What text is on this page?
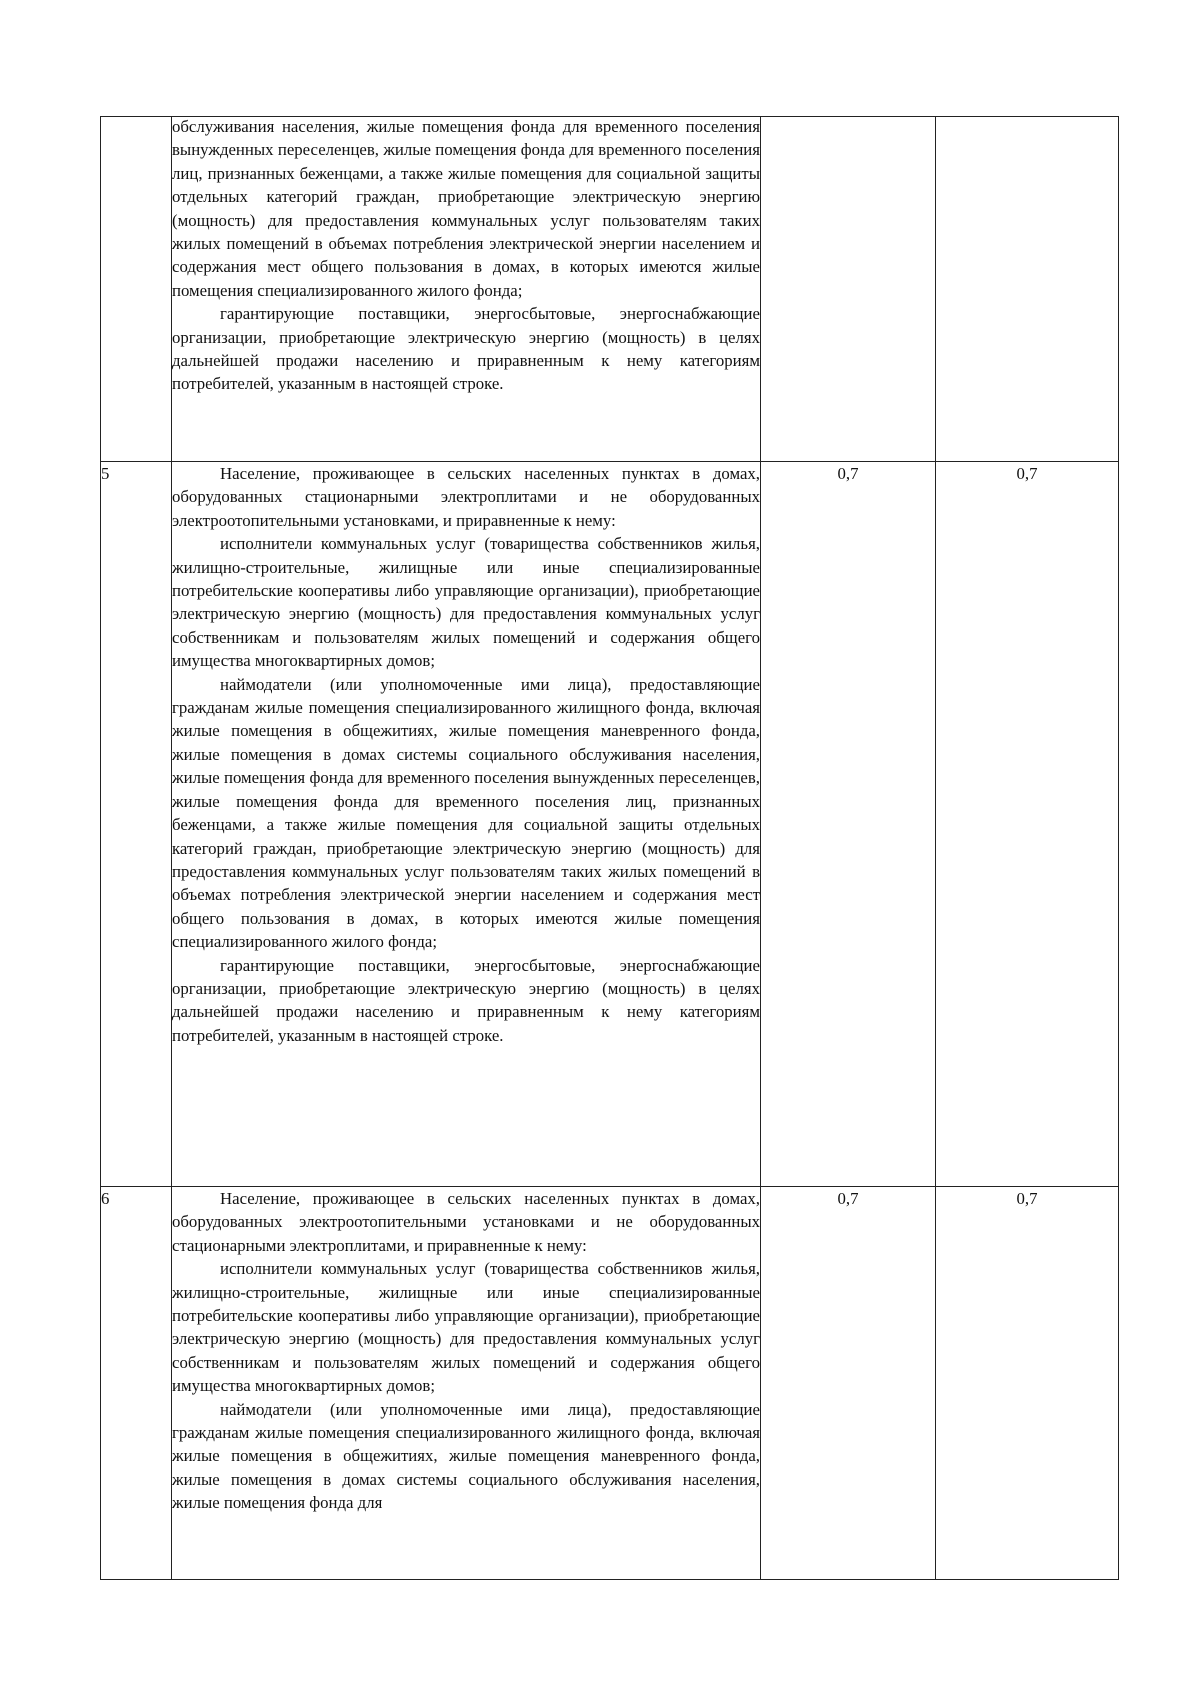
	обслуживания населения, жилые помещения фонда для временного поселения вынужденных переселенцев, жилые помещения фонда для временного поселения лиц, признанных беженцами, а также жилые помещения для социальной защиты отдельных категорий граждан, приобретающие электрическую энергию (мощность) для предоставления коммунальных услуг пользователям таких жилых помещений в объемах потребления электрической энергии населением и содержания мест общего пользования в домах, в которых имеются жилые помещения специализированного жилого фонда;

гарантирующие поставщики, энергосбытовые, энергоснабжающие организации, приобретающие электрическую энергию (мощность) в целях дальнейшей продажи населению и приравненным к нему категориям потребителей, указанным в настоящей строке.		

5	Население, проживающее в сельских населенных пунктах в домах, оборудованных стационарными электроплитами и не оборудованных электроотопительными установками, и приравненные к нему:

исполнители коммунальных услуг (товарищества собственников жилья, жилищно-строительные, жилищные или иные специализированные потребительские кооперативы либо управляющие организации), приобретающие электрическую энергию (мощность) для предоставления коммунальных услуг собственникам и пользователям жилых помещений и содержания общего имущества многоквартирных домов;

наймодатели (или уполномоченные ими лица), предоставляющие гражданам жилые помещения специализированного жилищного фонда, включая жилые помещения в общежитиях, жилые помещения маневренного фонда, жилые помещения в домах системы социального обслуживания населения, жилые помещения фонда для временного поселения вынужденных переселенцев, жилые помещения фонда для временного поселения лиц, признанных беженцами, а также жилые помещения для социальной защиты отдельных категорий граждан, приобретающие электрическую энергию (мощность) для предоставления коммунальных услуг пользователям таких жилых помещений в объемах потребления электрической энергии населением и содержания мест общего пользования в домах, в которых имеются жилые помещения специализированного жилого фонда;

гарантирующие поставщики, энергосбытовые, энергоснабжающие организации, приобретающие электрическую энергию (мощность) в целях дальнейшей продажи населению и приравненным к нему категориям потребителей, указанным в настоящей строке.	0,7	0,7
6	Население, проживающее в сельских населенных пунктах в домах, оборудованных электроотопительными установками и не оборудованных стационарными электроплитами, и приравненные к нему:

исполнители коммунальных услуг (товарищества собственников жилья, жилищно-строительные, жилищные или иные специализированные потребительские кооперативы либо управляющие организации), приобретающие электрическую энергию (мощность) для предоставления коммунальных услуг собственникам и пользователям жилых помещений и содержания общего имущества многоквартирных домов;

наймодатели (или уполномоченные ими лица), предоставляющие гражданам жилые помещения специализированного жилищного фонда, включая жилые помещения в общежитиях, жилые помещения маневренного фонда, жилые помещения в домах системы социального обслуживания населения, жилые помещения фонда для	0,7	0,7
